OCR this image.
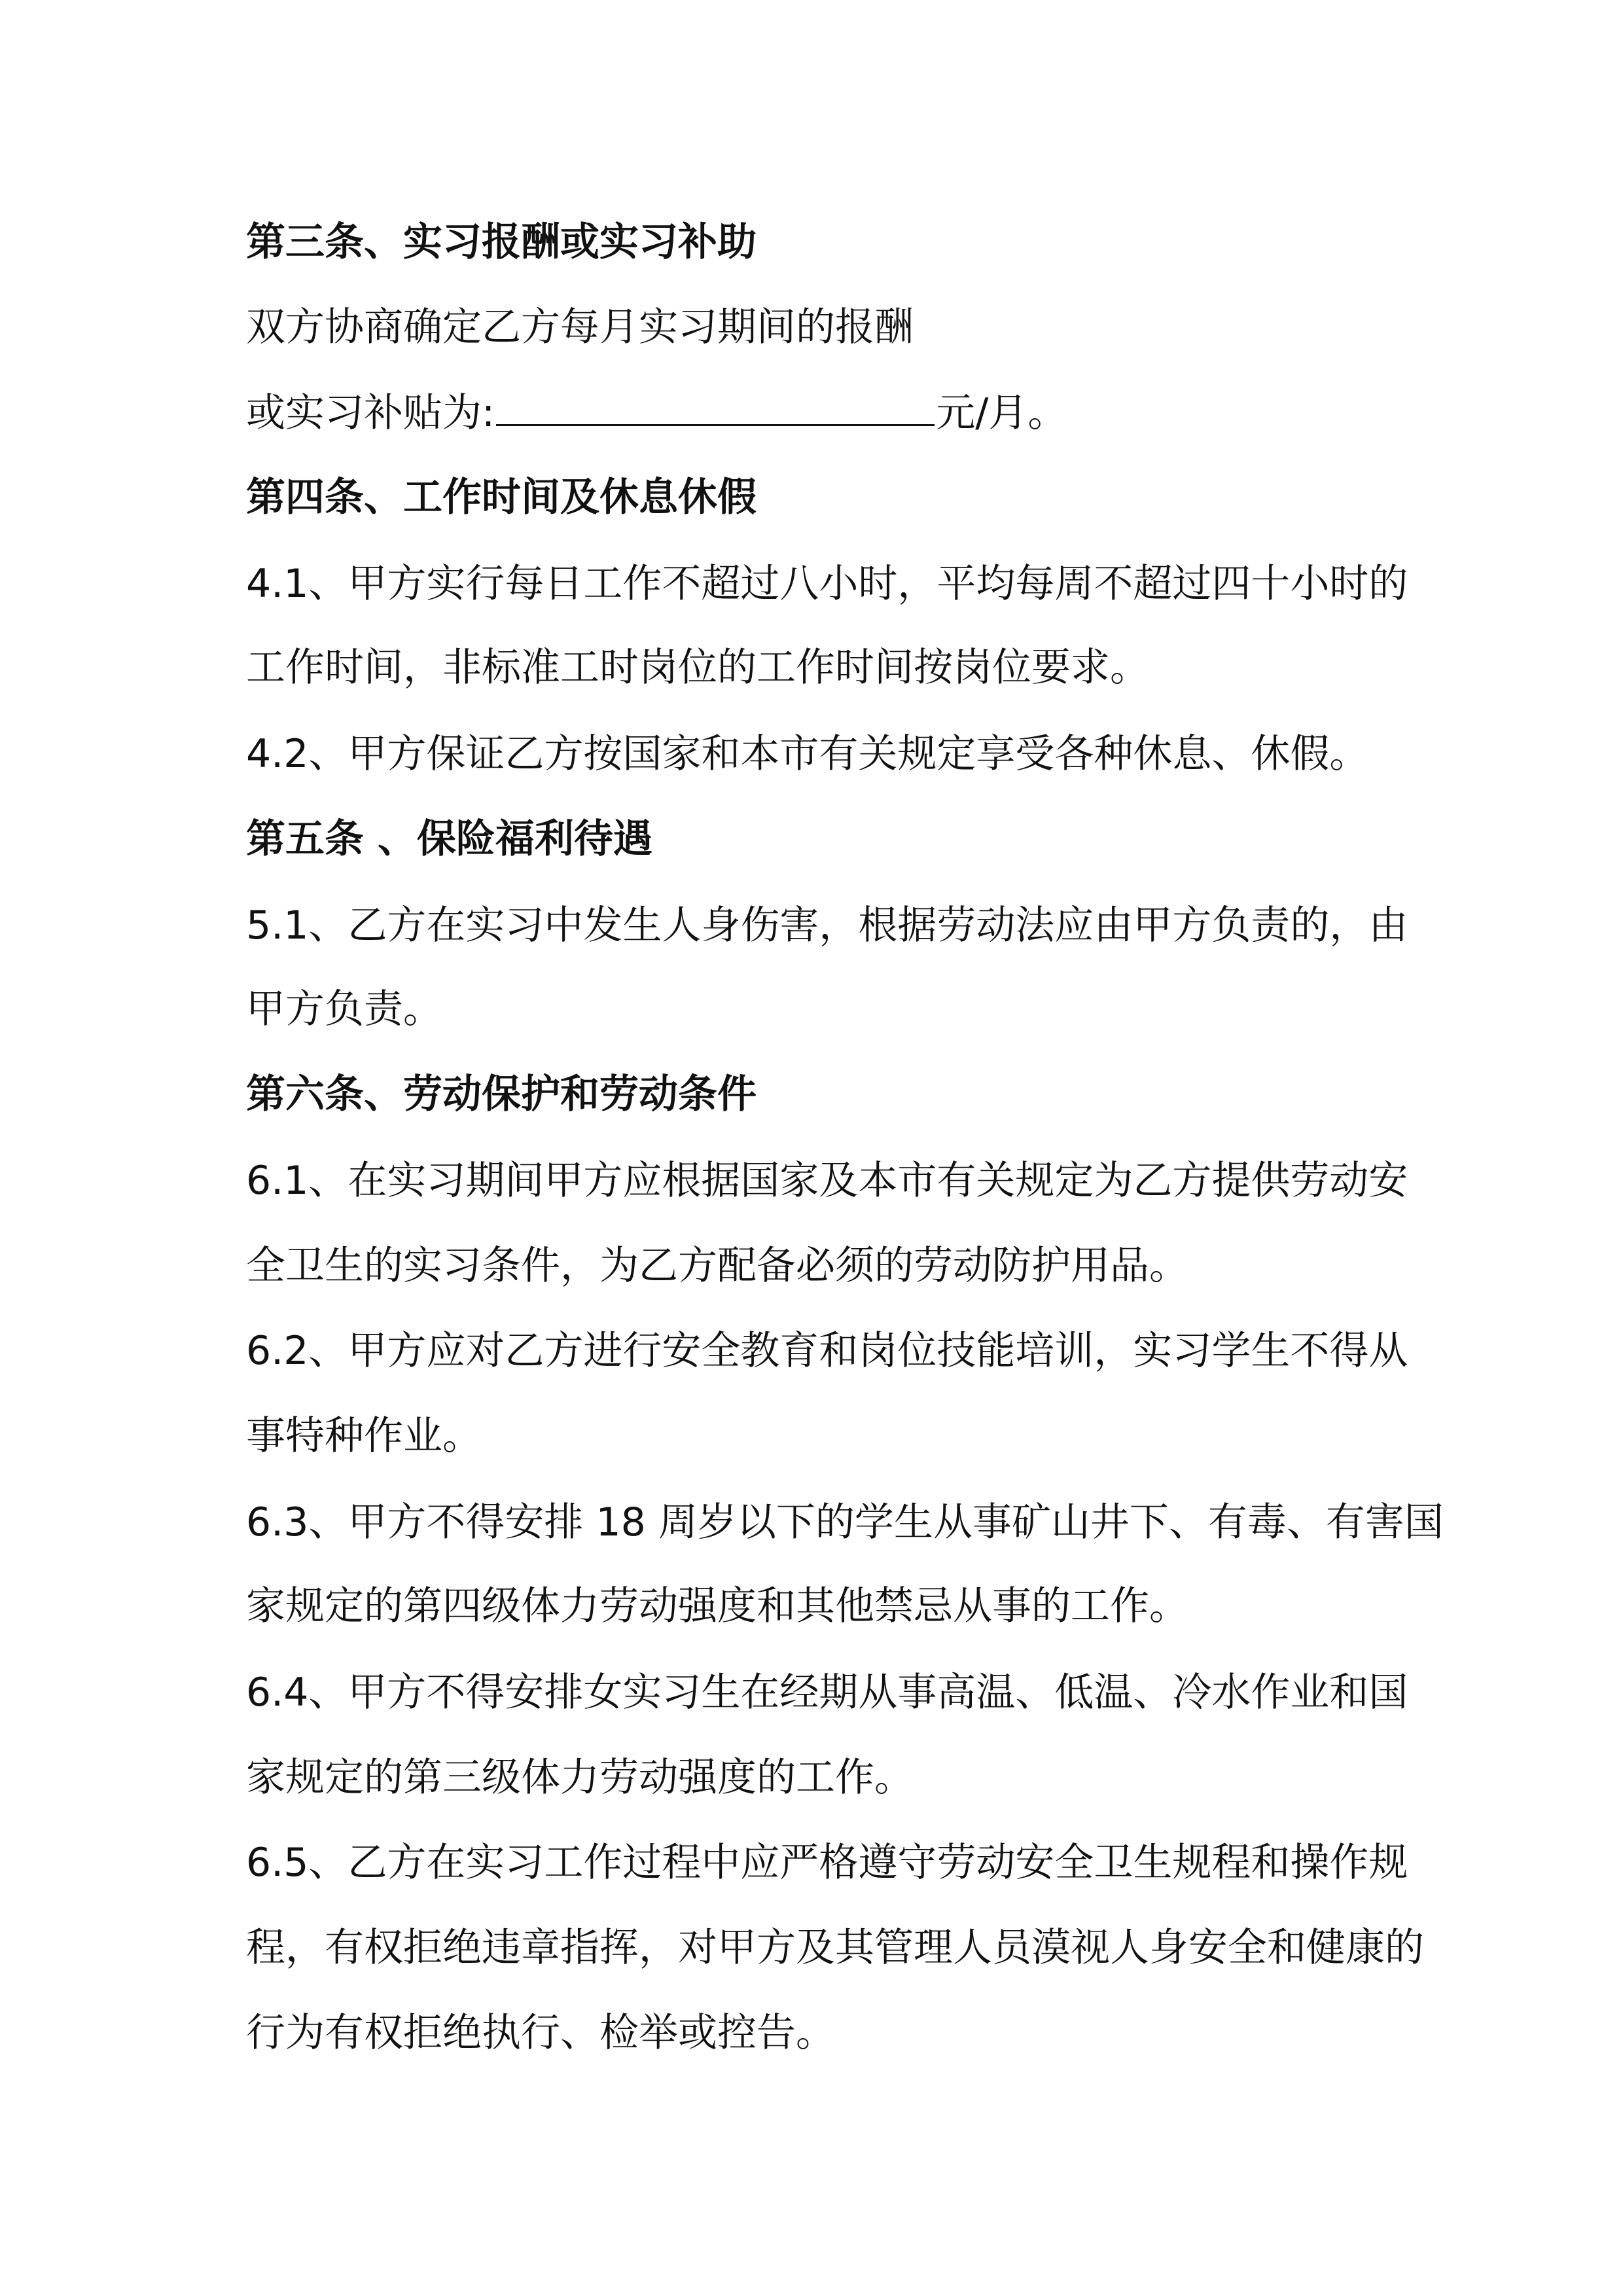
第三条、实习报酬或实习补助
双方协商确定乙方每月实习期间的报酬
或实习补贴为:	元/月。
第四条、工作时间及休息休假
4.1、甲方实行每日工作不超过八小时，平均每周不超过四十小时的
工作时间，非标准工时岗位的工作时间按岗位要求。
4.2、甲方保证乙方按国家和本市有关规定享受各种休息、休假。
第五条 、保险福利待遇
5.1、乙方在实习中发生人身伤害，根据劳动法应由甲方负责的，由
甲方负责。
第六条、劳动保护和劳动条件
6.1、在实习期间甲方应根据国家及本市有关规定为乙方提供劳动安
全卫生的实习条件，为乙方配备必须的劳动防护用品。
6.2、甲方应对乙方进行安全教育和岗位技能培训，实习学生不得从
事特种作业。
6.3、甲方不得安排 18 周岁以下的学生从事矿山井下、有毒、有害国
家规定的第四级体力劳动强度和其他禁忌从事的工作。
6.4、甲方不得安排女实习生在经期从事高温、低温、冷水作业和国
家规定的第三级体力劳动强度的工作。
6.5、乙方在实习工作过程中应严格遵守劳动安全卫生规程和操作规
程，有权拒绝违章指挥，对甲方及其管理人员漠视人身安全和健康的
行为有权拒绝执行、检举或控告。
